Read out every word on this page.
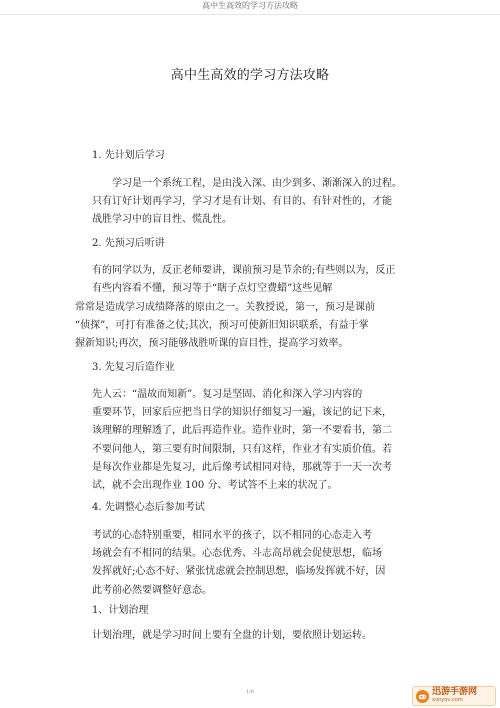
高中生高效的学习方法攻略
高中生高效的学习方法攻略
1. 先计划后学习
学习是一个系统工程，是由浅入深、由少到多、渐渐深入的过程。
只有订好计划再学习，学习才是有计划、有目的、有针对性的，才能
战胜学习中的盲目性、慌乱性。
2. 先预习后听讲
有的同学以为，反正老师要讲，课前预习是节余的;有些则以为，反正
有些内容看不懂，预习等于“瞎子点灯空费蜡”这些见解
常常是造成学习成绩降落的原由之一。关教授说，第一，预习是课前
“侦探”，可打有准备之仗;其次，预习可使新旧知识联系，有益于掌
握新知识;再次，预习能够战胜听课的盲目性，提高学习效率。
3. 先复习后造作业
先人云：“温故而知新”。复习是坚固、消化和深入学习内容的
重要环节，回家后应把当日学的知识仔细复习一遍，该记的记下来，
该理解的理解透了，此后再造作业。造作业时，第一不要看书，第二
不要问他人，第三要有时间限制，只有这样，作业才有实质价值。若
是每次作业都是先复习，此后像考试相同对待，那就等于一天一次考
试，就不会出现作业 100 分、考试答不上来的状况了。
4. 先调整心态后参加考试
考试的心态特别重要，相同水平的孩子，以不相同的心态走入考
场就会有不相同的结果。心态优秀、斗志高昂就会促使思想，临场
发挥就好;心态不好、紧张忧虑就会控制思想，临场发挥就不好，因
此考前必然要调整好意态。
1、计划治理
计划治理，就是学习时间上要有全盘的计划，要依照计划运转。
1/8	迅游手游网
xunyou.com
